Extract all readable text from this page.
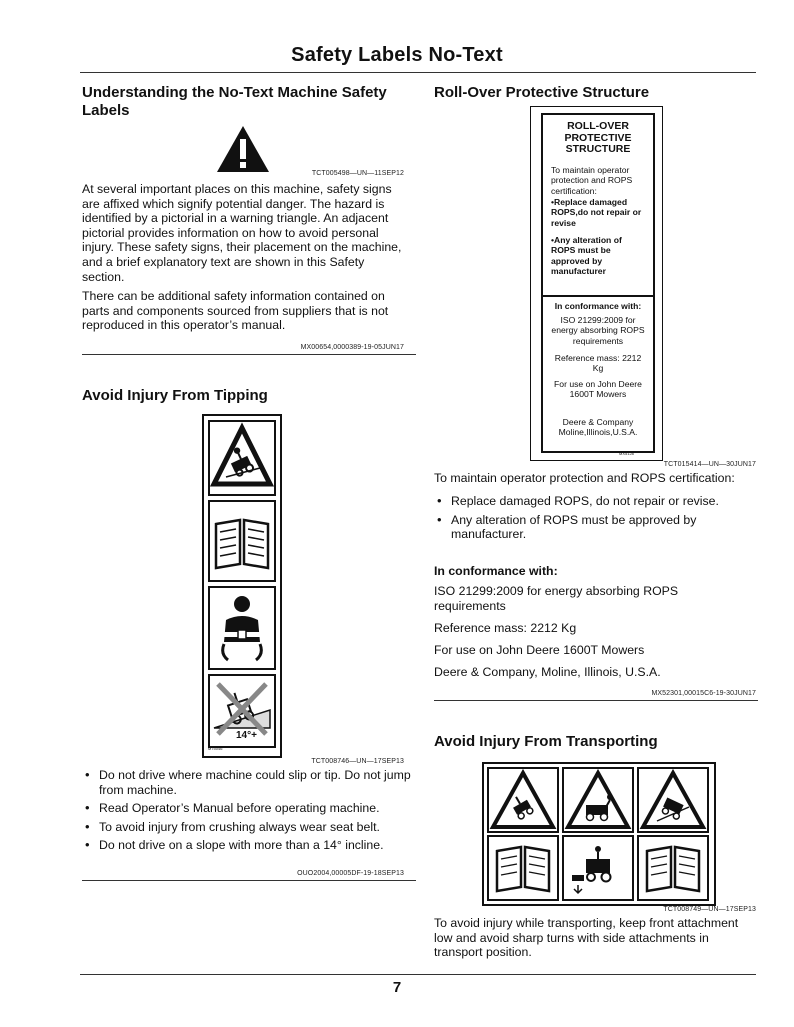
Safety Labels No-Text
Understanding the No-Text Machine Safety Labels
TCT005498—UN—11SEP12
At several important places on this machine, safety signs are affixed which signify potential danger. The hazard is identified by a pictorial in a warning triangle. An adjacent pictorial provides information on how to avoid personal injury. These safety signs, their placement on the machine, and a brief explanatory text are shown in this Safety section.
There can be additional safety information contained on parts and components sourced from suppliers that is not reproduced in this operator’s manual.
MX00654,0000389-19-05JUN17
Avoid Injury From Tipping
14°+
M75046
TCT008746—UN—17SEP13
• Do not drive where machine could slip or tip. Do not jump from machine.
• Read Operator’s Manual before operating machine.
• To avoid injury from crushing always wear seat belt.
• Do not drive on a slope with more than a 14° incline.
OUO2004,00005DF-19-18SEP13
Roll-Over Protective Structure
ROLL-OVER PROTECTIVE STRUCTURE
To maintain operator protection and ROPS certification:
•Replace damaged ROPS,do not repair or revise
•Any alteration of ROPS must be approved by manufacturer
In conformance with:
ISO 21299:2009 for energy absorbing ROPS requirements
Reference mass: 2212 Kg
For use on John Deere 1600T Mowers
Deere & Company Moline,Illinois,U.S.A.
MX5128
TCT015414—UN—30JUN17
To maintain operator protection and ROPS certification:
• Replace damaged ROPS, do not repair or revise.
• Any alteration of ROPS must be approved by manufacturer.
In conformance with:
ISO 21299:2009 for energy absorbing ROPS requirements
Reference mass: 2212 Kg
For use on John Deere 1600T Mowers
Deere & Company, Moline, Illinois, U.S.A.
MX52301,00015C6-19-30JUN17
Avoid Injury From Transporting
TCT008749—UN—17SEP13
To avoid injury while transporting, keep front attachment low and avoid sharp turns with side attachments in transport position.
7
